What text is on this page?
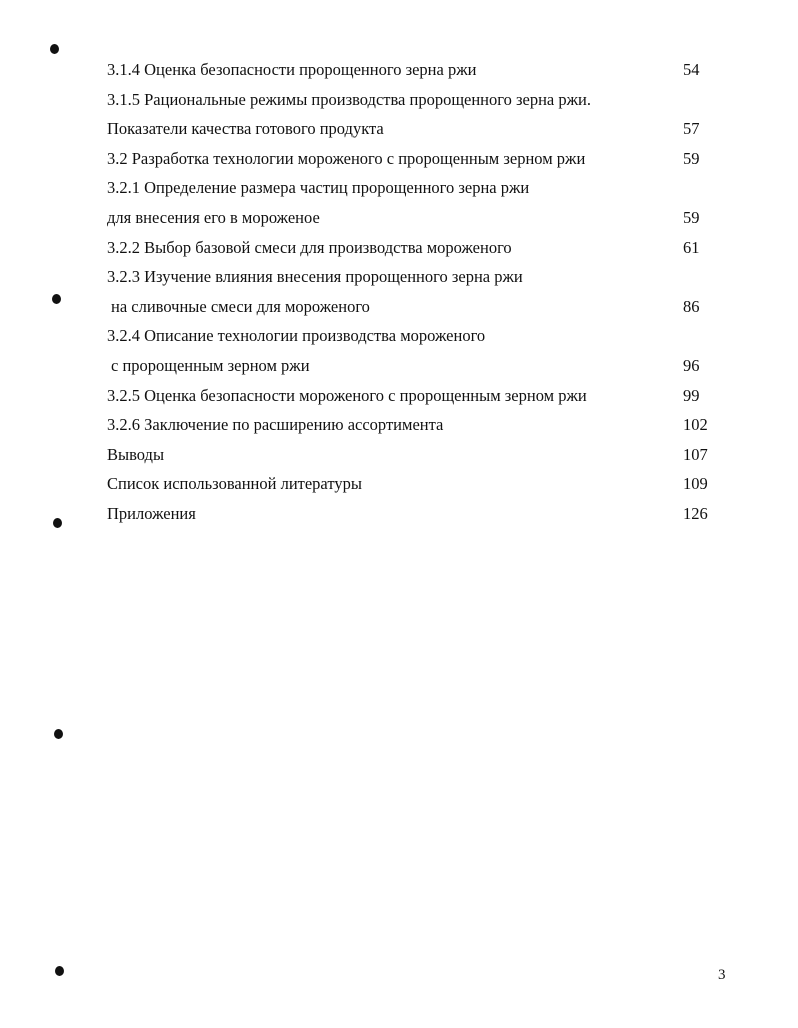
3.1.4 Оценка безопасности пророщенного зерна ржи	54
3.1.5 Рациональные режимы производства пророщенного зерна ржи.
Показатели качества готового продукта	57
3.2 Разработка технологии мороженого с пророщенным зерном ржи	59
3.2.1 Определение размера частиц пророщенного зерна ржи
для внесения его в мороженое	59
3.2.2 Выбор базовой смеси для производства мороженого	61
3.2.3 Изучение влияния внесения пророщенного зерна ржи
на сливочные смеси для мороженого	86
3.2.4 Описание технологии производства мороженого
с пророщенным зерном ржи	96
3.2.5 Оценка безопасности мороженого с пророщенным зерном ржи	99
3.2.6 Заключение по расширению ассортимента	102
Выводы	107
Список использованной литературы	109
Приложения	126
3
